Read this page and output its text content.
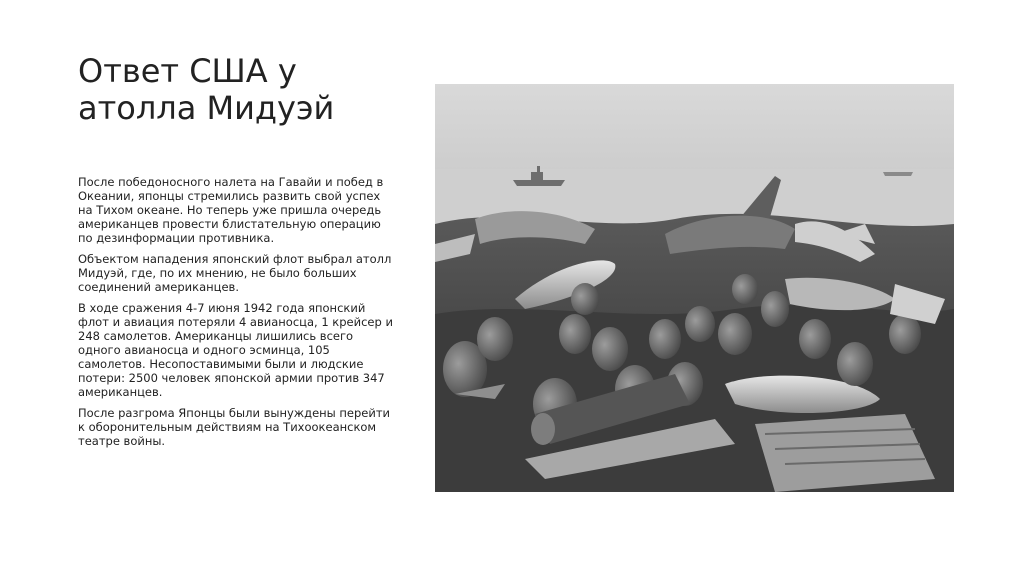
Ответ США у
атолла Мидуэй

После победоносного налета на Гавайи и побед в Океании, японцы стремились развить свой успех на Тихом океане. Но теперь уже пришла очередь американцев провести блистательную операцию по дезинформации противника.

Объектом нападения японский флот выбрал атолл Мидуэй, где, по их мнению, не было больших соединений американцев.

В ходе сражения 4-7 июня 1942 года японский флот и авиация потеряли 4 авианосца, 1 крейсер и 248 самолетов. Американцы лишились всего одного авианосца и одного эсминца, 105 самолетов. Несопоставимыми были и людские потери: 2500 человек японской армии против 347 американцев.

После разгрома Японцы были вынуждены перейти к оборонительным действиям на Тихоокеанском театре войны.
